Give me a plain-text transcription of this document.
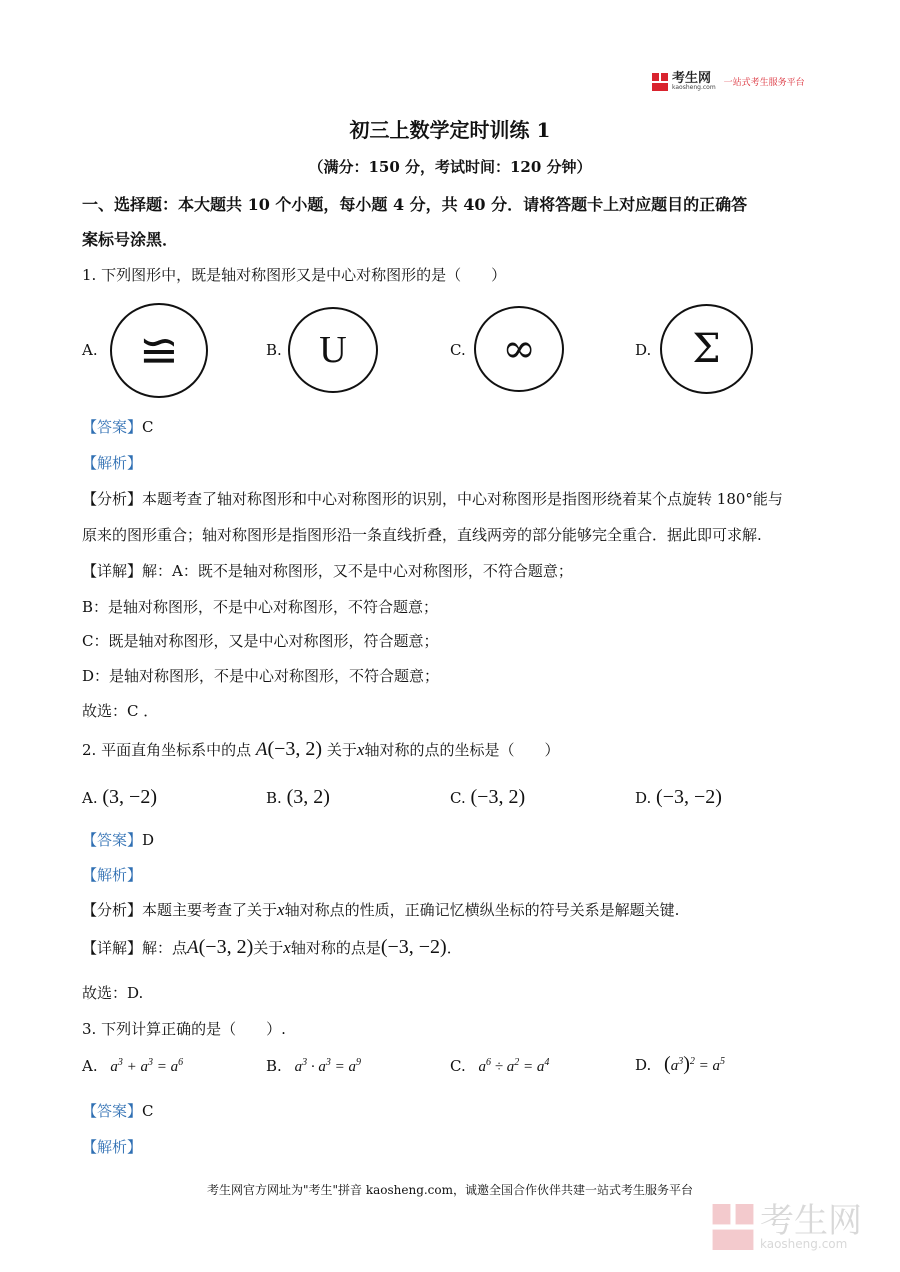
考生网
kaosheng.com 一站式考生服务平台
初三上数学定时训练 1
（满分：150 分，考试时间：120 分钟）
一、选择题：本大题共 10 个小题，每小题 4 分，共 40 分．请将答题卡上对应题目的正确答
案标号涂黑．
1. 下列图形中，既是轴对称图形又是中心对称图形的是（　　）
A. ≌	B. U	C. ∞	D. Σ
【答案】C
【解析】
【分析】本题考查了轴对称图形和中心对称图形的识别，中心对称图形是指图形绕着某个点旋转 180°能与
原来的图形重合；轴对称图形是指图形沿一条直线折叠，直线两旁的部分能够完全重合．据此即可求解.
【详解】解：A：既不是轴对称图形，又不是中心对称图形，不符合题意；
B：是轴对称图形，不是中心对称图形，不符合题意；
C：既是轴对称图形，又是中心对称图形，符合题意；
D：是轴对称图形，不是中心对称图形，不符合题意；
故选：C ．
2. 平面直角坐标系中的点 A(−3, 2) 关于x轴对称的点的坐标是（　　）
A. (3, −2)	B. (3, 2)	C. (−3, 2)	D. (−3, −2)
【答案】D
【解析】
【分析】本题主要考查了关于x轴对称点的性质，正确记忆横纵坐标的符号关系是解题关键.
【详解】解：点A(−3, 2)关于x轴对称的点是(−3, −2)．
故选：D.
3. 下列计算正确的是（　　）.
A. $a^3 + a^3 = a^6$	B. $a^3 \cdot a^3 = a^9$	C. $a^6 \div a^2 = a^4$	D. $(a^3)^2 = a^5$
【答案】C
【解析】
考生网官方网址为"考生"拼音 kaosheng.com，诚邀全国合作伙伴共建一站式考生服务平台
考生网
kaosheng.com
